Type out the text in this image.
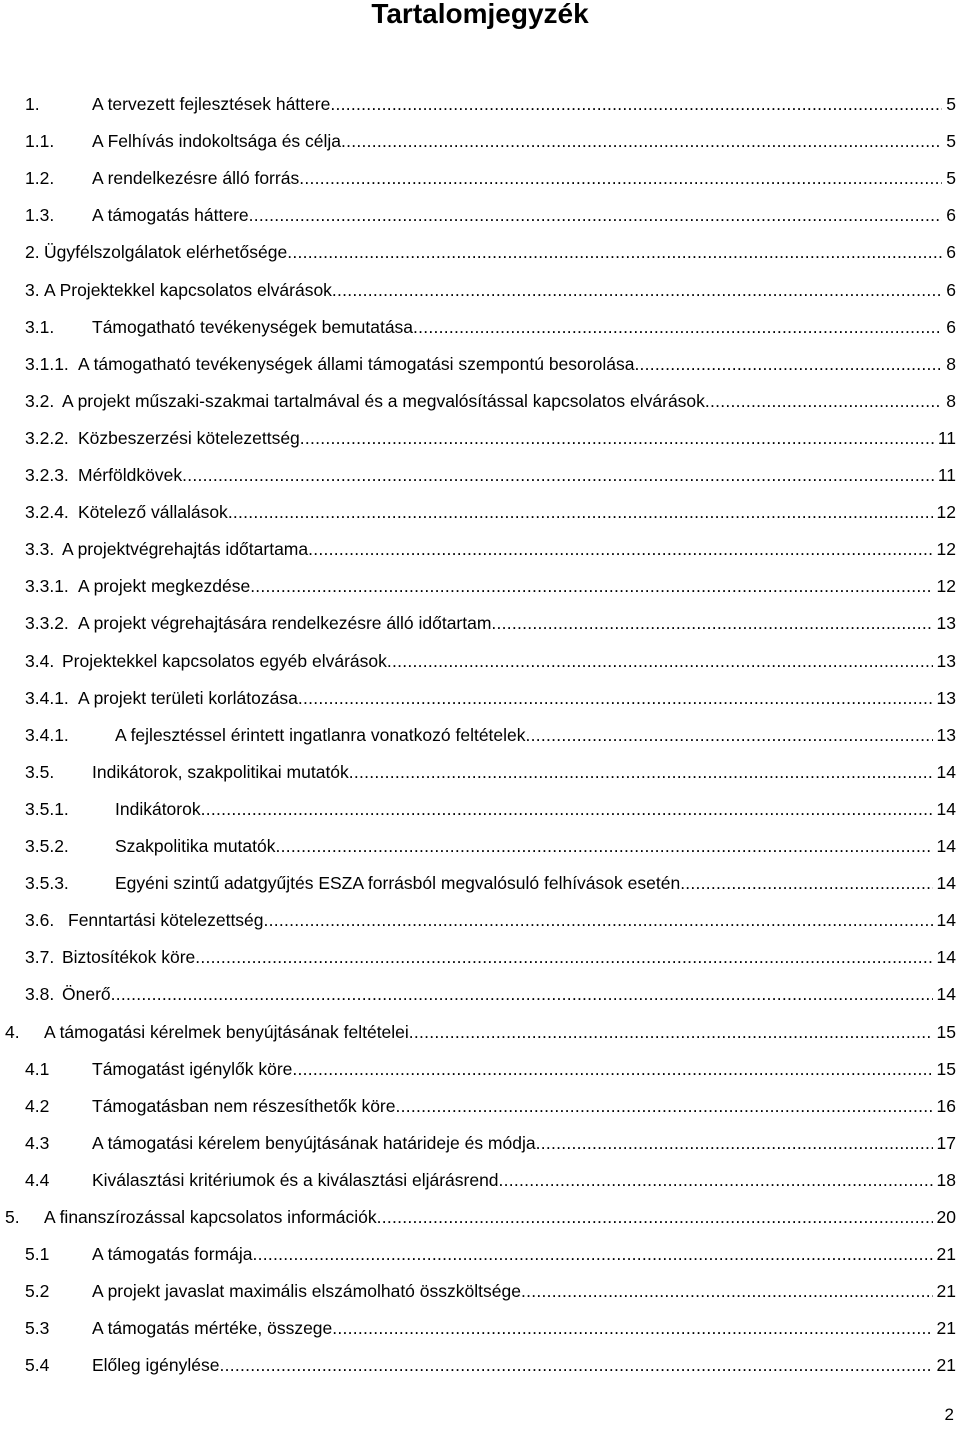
Tartalomjegyzék
1.	A tervezett fejlesztések háttere . . .	5
1.1. A Felhívás indokoltsága és célja . . .	5
1.2. A rendelkezésre álló forrás . . .	5
1.3. A támogatás háttere . . .	6
2. Ügyfélszolgálatok elérhetősége . . .	6
3. A Projektekkel kapcsolatos elvárások . . .	6
3.1. Támogatható tevékenységek bemutatása . . .	6
3.1.1. A támogatható tevékenységek állami támogatási szempontú besorolása . . .	8
3.2. A projekt műszaki-szakmai tartalmával és a megvalósítással kapcsolatos elvárások . . .	8
3.2.2. Közbeszerzési kötelezettség . . .	11
3.2.3. Mérföldkövek . . .	11
3.2.4. Kötelező vállalások . . .	12
3.3. A projektvégrehajtás időtartama . . .	12
3.3.1. A projekt megkezdése . . .	12
3.3.2. A projekt végrehajtására rendelkezésre álló időtartam . . .	13
3.4. Projektekkel kapcsolatos egyéb elvárások . . .	13
3.4.1. A projekt területi korlátozása . . .	13
3.4.1.	A fejlesztéssel érintett ingatlanra vonatkozó feltételek . . .	13
3.5. Indikátorok, szakpolitikai mutatók . . .	14
3.5.1.	Indikátorok . . .	14
3.5.2.	Szakpolitika mutatók . . .	14
3.5.3.	Egyéni szintű adatgyűjtés ESZA forrásból megvalósuló felhívások esetén . . .	14
3.6. Fenntartási kötelezettség . . .	14
3.7. Biztosítékok köre . . .	14
3.8. Önerő . . .	14
4. A támogatási kérelmek benyújtásának feltételei . . .	15
4.1 Támogatást igénylők köre . . .	15
4.2 Támogatásban nem részesíthetők köre . . .	16
4.3 A támogatási kérelem benyújtásának határideje és módja . . .	17
4.4 Kiválasztási kritériumok és a kiválasztási eljárásrend . . .	18
5. A finanszírozással kapcsolatos információk . . .	20
5.1 A támogatás formája . . .	21
5.2 A projekt javaslat maximális elszámolható összköltsége . . .	21
5.3 A támogatás mértéke, összege . . .	21
5.4 Előleg igénylése . . .	21
2
